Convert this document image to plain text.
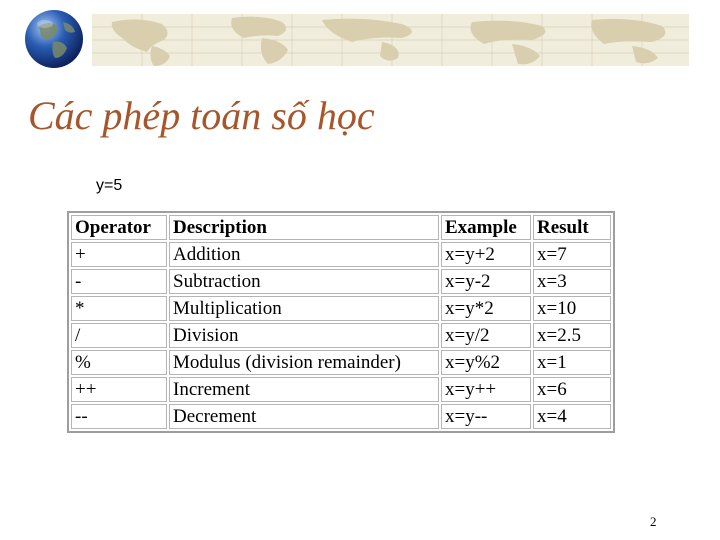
Các phép toán số học
y=5
Operator	Description	Example	Result
+	Addition	x=y+2	x=7
-	Subtraction	x=y-2	x=3
*	Multiplication	x=y*2	x=10
/	Division	x=y/2	x=2.5
%	Modulus (division remainder)	x=y%2	x=1
++	Increment	x=y++	x=6
--	Decrement	x=y--	x=4
2
